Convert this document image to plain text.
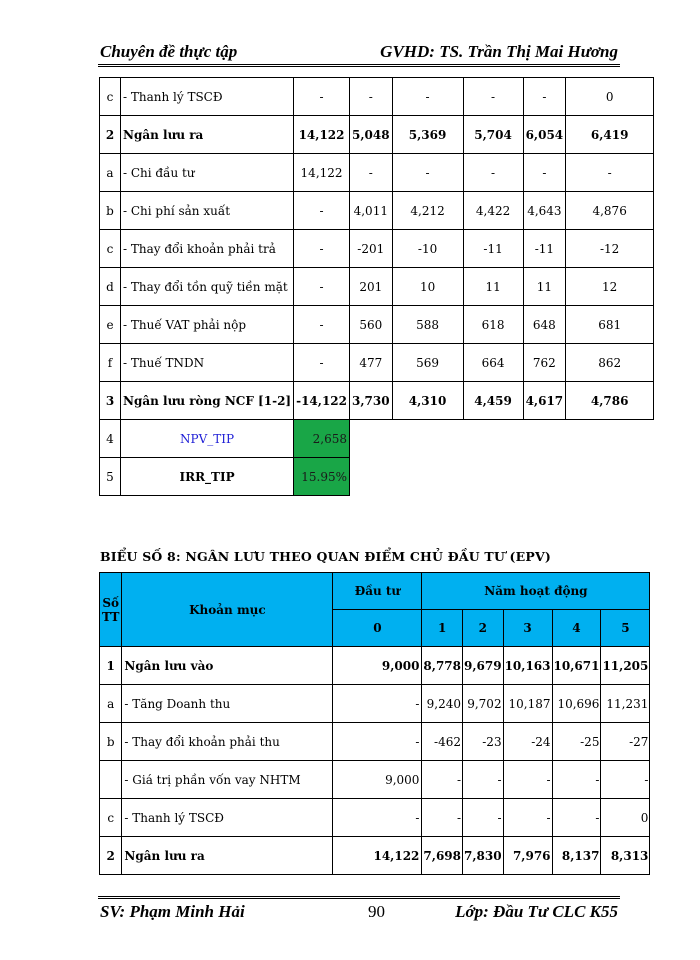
Chuyên đề thực tập	GVHD: TS. Trần Thị Mai Hương
c	- Thanh lý TSCĐ	-	-	-	-	-	0
2	Ngân lưu ra	14,122	5,048	5,369	5,704	6,054	6,419
a	- Chi đầu tư	14,122	-	-	-	-	-
b	- Chi phí sản xuất	-	4,011	4,212	4,422	4,643	4,876
c	- Thay đổi khoản phải trả	-	-201	-10	-11	-11	-12
d	- Thay đổi tồn quỹ tiền mặt	-	201	10	11	11	12
e	- Thuế VAT phải nộp	-	560	588	618	648	681
f	- Thuế TNDN	-	477	569	664	762	862
3	Ngân lưu ròng NCF [1-2]	-14,122	3,730	4,310	4,459	4,617	4,786
4	NPV_TIP	2,658					
5	IRR_TIP	15.95%					
BIỂU SỐ 8: NGÂN LƯU THEO QUAN ĐIỂM CHỦ ĐẦU TƯ (EPV)
Số TT	Khoản mục	Đầu tư	Năm hoạt động				
		0	1	2	3	4	5
1	Ngân lưu vào	9,000	8,778	9,679	10,163	10,671	11,205
a	- Tăng Doanh thu	-	9,240	9,702	10,187	10,696	11,231
b	- Thay đổi khoản phải thu	-	-462	-23	-24	-25	-27
	- Giá trị phần vốn vay NHTM	9,000	-	-	-	-	-
c	- Thanh lý TSCĐ	-	-	-	-	-	0
2	Ngân lưu ra	14,122	7,698	7,830	7,976	8,137	8,313
SV: Phạm Minh Hải	90	Lớp: Đầu Tư CLC K55
